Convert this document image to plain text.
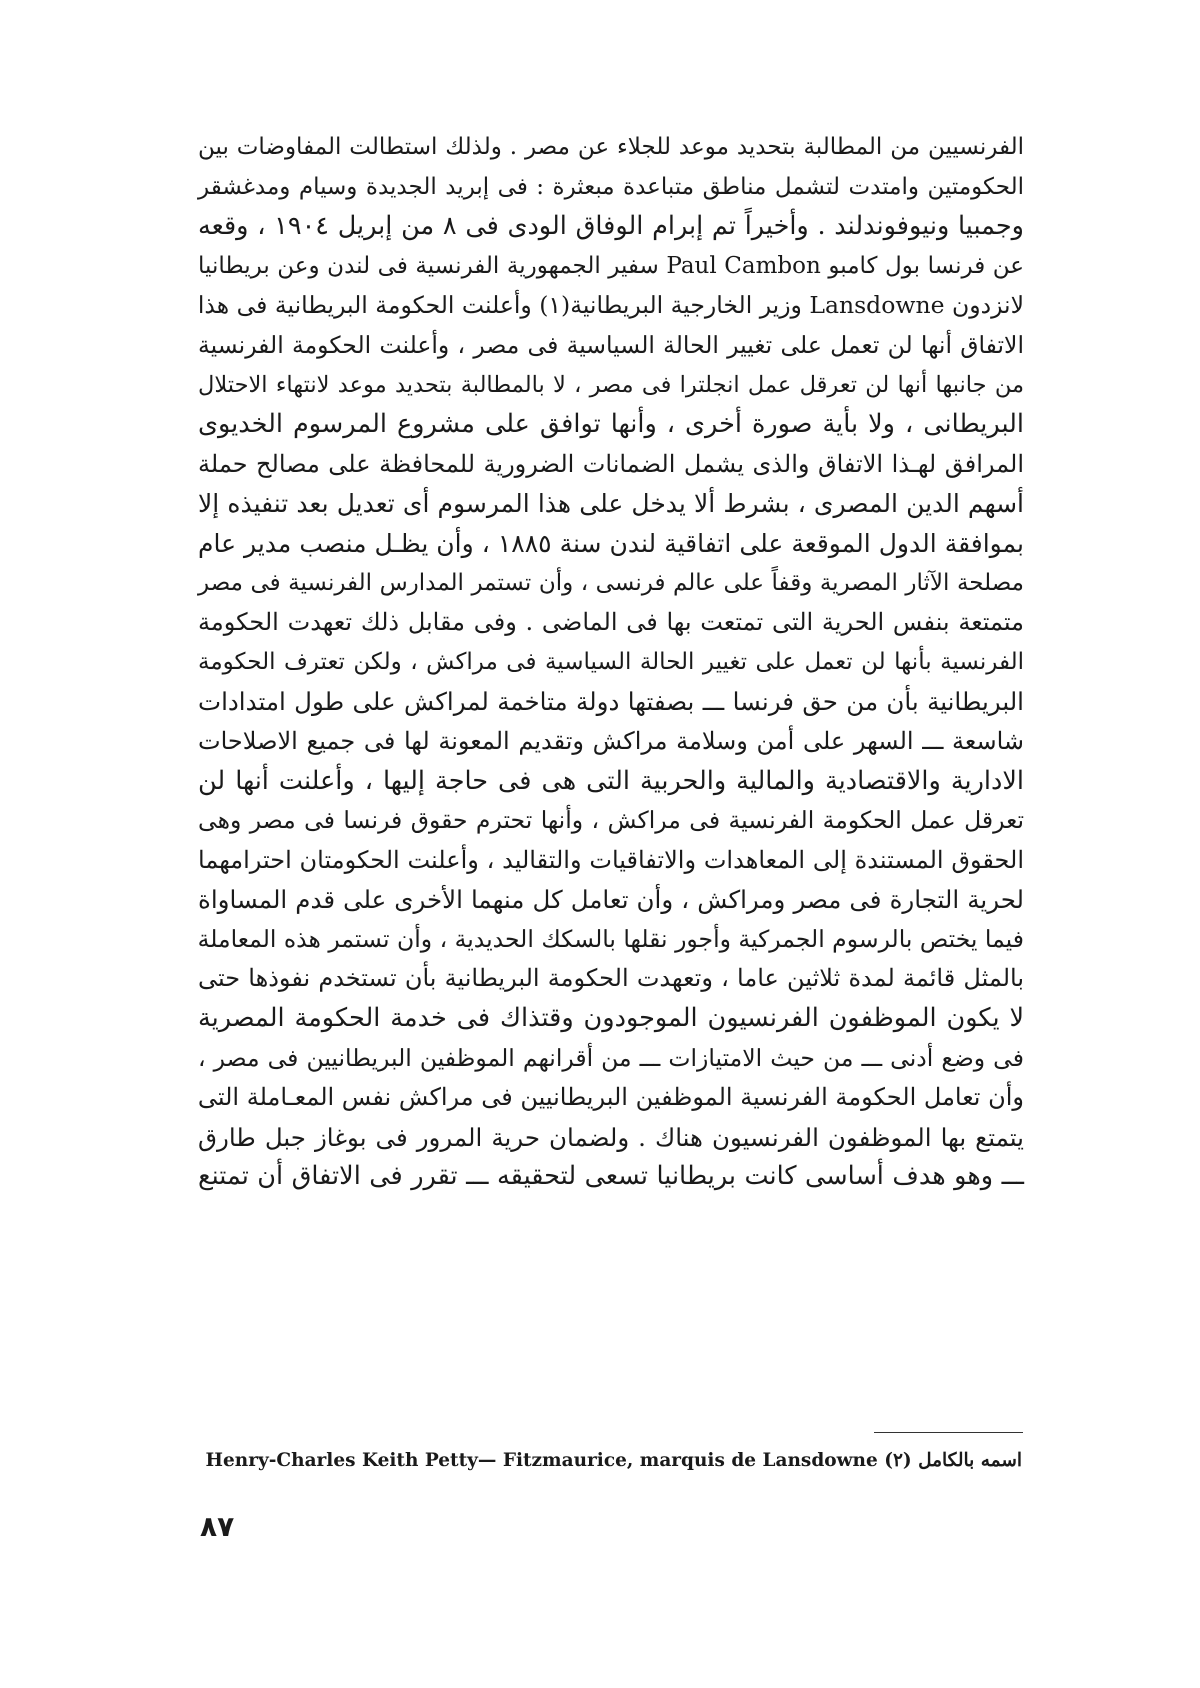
الفرنسيين من المطالبة بتحديد موعد للجلاء عن مصر . ولذلك استطالت المفاوضات بين
الحكومتين وامتدت لتشمل مناطق متباعدة مبعثرة : فى إبريد الجديدة وسيام ومدغشقر
وجمبيا ونيوفوندلند . وأخيراً تم إبرام الوفاق الودى فى ٨ من إبريل ١٩٠٤ ، وقعه
عن فرنسا بول كامبو Paul Cambon سفير الجمهورية الفرنسية فى لندن وعن بريطانيا
لانزدون Lansdowne وزير الخارجية البريطانية(١) وأعلنت الحكومة البريطانية فى هذا
الاتفاق أنها لن تعمل على تغيير الحالة السياسية فى مصر ، وأعلنت الحكومة الفرنسية
من جانبها أنها لن تعرقل عمل انجلترا فى مصر ، لا بالمطالبة بتحديد موعد لانتهاء الاحتلال
البريطانى ، ولا بأية صورة أخرى ، وأنها توافق على مشروع المرسوم الخديوى
المرافق لهـذا الاتفاق والذى يشمل الضمانات الضرورية للمحافظة على مصالح حملة
أسهم الدين المصرى ، بشرط ألا يدخل على هذا المرسوم أى تعديل بعد تنفيذه إلا
بموافقة الدول الموقعة على اتفاقية لندن سنة ١٨٨٥ ، وأن يظـل منصب مدير عام
مصلحة الآثار المصرية وقفاً على عالم فرنسى ، وأن تستمر المدارس الفرنسية فى مصر
متمتعة بنفس الحرية التى تمتعت بها فى الماضى . وفى مقابل ذلك تعهدت الحكومة
الفرنسية بأنها لن تعمل على تغيير الحالة السياسية فى مراكش ، ولكن تعترف الحكومة
البريطانية بأن من حق فرنسا ـــ بصفتها دولة متاخمة لمراكش على طول امتدادات
شاسعة ـــ السهر على أمن وسلامة مراكش وتقديم المعونة لها فى جميع الاصلاحات
الادارية والاقتصادية والمالية والحربية التى هى فى حاجة إليها ، وأعلنت أنها لن
تعرقل عمل الحكومة الفرنسية فى مراكش ، وأنها تحترم حقوق فرنسا فى مصر وهى
الحقوق المستندة إلى المعاهدات والاتفاقيات والتقاليد ، وأعلنت الحكومتان احترامهما
لحرية التجارة فى مصر ومراكش ، وأن تعامل كل منهما الأخرى على قدم المساواة
فيما يختص بالرسوم الجمركية وأجور نقلها بالسكك الحديدية ، وأن تستمر هذه المعاملة
بالمثل قائمة لمدة ثلاثين عاما ، وتعهدت الحكومة البريطانية بأن تستخدم نفوذها حتى
لا يكون الموظفون الفرنسيون الموجودون وقتذاك فى خدمة الحكومة المصرية
فى وضع أدنى ـــ من حيث الامتيازات ـــ من أقرانهم الموظفين البريطانيين فى مصر ،
وأن تعامل الحكومة الفرنسية الموظفين البريطانيين فى مراكش نفس المعـاملة التى
يتمتع بها الموظفون الفرنسيون هناك . ولضمان حرية المرور فى بوغاز جبل طارق
ـــ وهو هدف أساسى كانت بريطانيا تسعى لتحقيقه ـــ تقرر فى الاتفاق أن تمتنع
Henry-Charles Keith Petty— Fitzmaurice, marquis de Lansdowne اسمه بالكامل (٢)
٨٧
